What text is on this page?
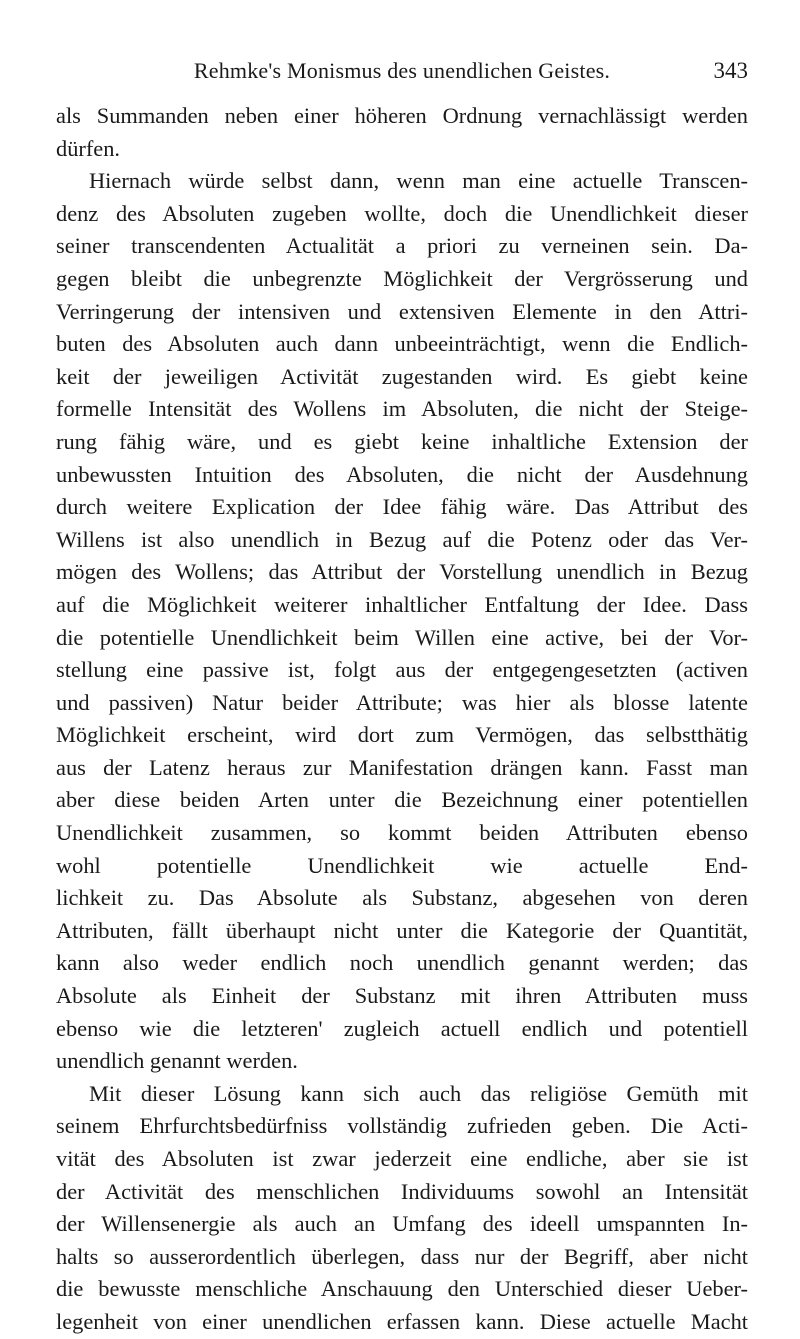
Rehmke's Monismus des unendlichen Geistes.	343
als Summanden neben einer höheren Ordnung vernachlässigt werden
dürfen.
Hiernach würde selbst dann, wenn man eine actuelle Transcen-
denz des Absoluten zugeben wollte, doch die Unendlichkeit dieser
seiner transcendenten Actualität a priori zu verneinen sein. Da-
gegen bleibt die unbegrenzte Möglichkeit der Vergrösserung und
Verringerung der intensiven und extensiven Elemente in den Attri-
buten des Absoluten auch dann unbeeinträchtigt, wenn die Endlich-
keit der jeweiligen Activität zugestanden wird. Es giebt keine
formelle Intensität des Wollens im Absoluten, die nicht der Steige-
rung fähig wäre, und es giebt keine inhaltliche Extension der
unbewussten Intuition des Absoluten, die nicht der Ausdehnung
durch weitere Explication der Idee fähig wäre. Das Attribut des
Willens ist also unendlich in Bezug auf die Potenz oder das Ver-
mögen des Wollens; das Attribut der Vorstellung unendlich in Bezug
auf die Möglichkeit weiterer inhaltlicher Entfaltung der Idee. Dass
die potentielle Unendlichkeit beim Willen eine active, bei der Vor-
stellung eine passive ist, folgt aus der entgegengesetzten (activen
und passiven) Natur beider Attribute; was hier als blosse latente
Möglichkeit erscheint, wird dort zum Vermögen, das selbstthätig
aus der Latenz heraus zur Manifestation drängen kann. Fasst man
aber diese beiden Arten unter die Bezeichnung einer potentiellen
Unendlichkeit zusammen, so kommt beiden Attributen ebenso
wohl potentielle Unendlichkeit wie actuelle End-
lichkeit zu. Das Absolute als Substanz, abgesehen von deren
Attributen, fällt überhaupt nicht unter die Kategorie der Quantität,
kann also weder endlich noch unendlich genannt werden; das
Absolute als Einheit der Substanz mit ihren Attributen muss
ebenso wie die letzteren' zugleich actuell endlich und potentiell
unendlich genannt werden.
Mit dieser Lösung kann sich auch das religiöse Gemüth mit
seinem Ehrfurchtsbedürfniss vollständig zufrieden geben. Die Acti-
vität des Absoluten ist zwar jederzeit eine endliche, aber sie ist
der Activität des menschlichen Individuums sowohl an Intensität
der Willensenergie als auch an Umfang des ideell umspannten In-
halts so ausserordentlich überlegen, dass nur der Begriff, aber nicht
die bewusste menschliche Anschauung den Unterschied dieser Ueber-
legenheit von einer unendlichen erfassen kann. Diese actuelle Macht
